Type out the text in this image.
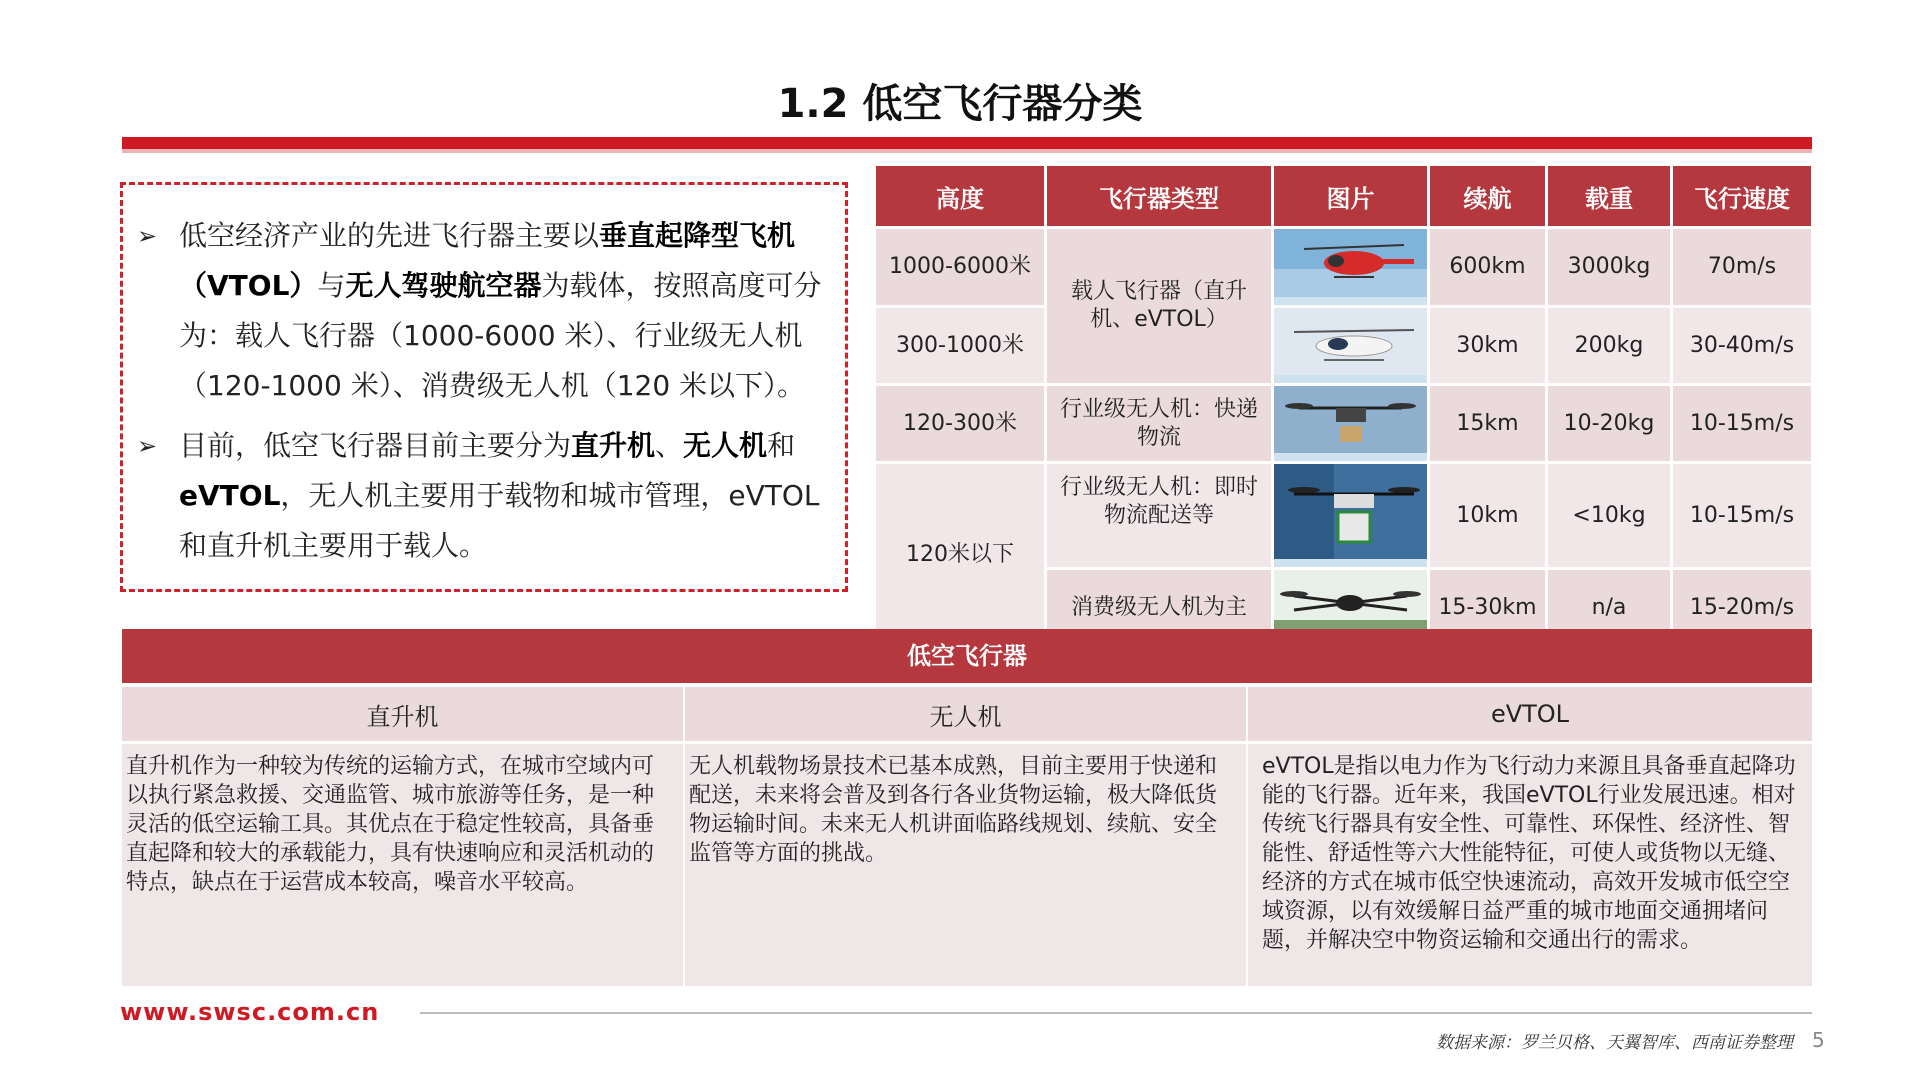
1.2 低空飞行器分类
➢ 低空经济产业的先进飞行器主要以垂直起降型飞机（VTOL）与无人驾驶航空器为载体，按照高度可分为：载人飞行器（1000-6000 米）、行业级无人机（120-1000 米）、消费级无人机（120 米以下）。
➢ 目前，低空飞行器目前主要分为直升机、无人机和eVTOL，无人机主要用于载物和城市管理，eVTOL和直升机主要用于载人。
高度	飞行器类型	图片	续航	载重	飞行速度
1000-6000米	载人飞行器（直升机、eVTOL）		600km	3000kg	70m/s
300-1000米			30km	200kg	30-40m/s
120-300米	行业级无人机：快递物流		15km	10-20kg	10-15m/s
120米以下	行业级无人机：即时物流配送等		10km	<10kg	10-15m/s
	消费级无人机为主		15-30km	n/a	15-20m/s
低空飞行器
直升机	无人机	eVTOL
直升机作为一种较为传统的运输方式，在城市空域内可以执行紧急救援、交通监管、城市旅游等任务，是一种灵活的低空运输工具。其优点在于稳定性较高，具备垂直起降和较大的承载能力，具有快速响应和灵活机动的特点，缺点在于运营成本较高，噪音水平较高。	无人机载物场景技术已基本成熟，目前主要用于快递和配送，未来将会普及到各行各业货物运输，极大降低货物运输时间。未来无人机讲面临路线规划、续航、安全监管等方面的挑战。	eVTOL是指以电力作为飞行动力来源且具备垂直起降功能的飞行器。近年来，我国eVTOL行业发展迅速。相对传统飞行器具有安全性、可靠性、环保性、经济性、智能性、舒适性等六大性能特征，可使人或货物以无缝、经济的方式在城市低空快速流动，高效开发城市低空空域资源，以有效缓解日益严重的城市地面交通拥堵问题，并解决空中物资运输和交通出行的需求。
www.swsc.com.cn
数据来源：罗兰贝格、天翼智库、西南证券整理 5
